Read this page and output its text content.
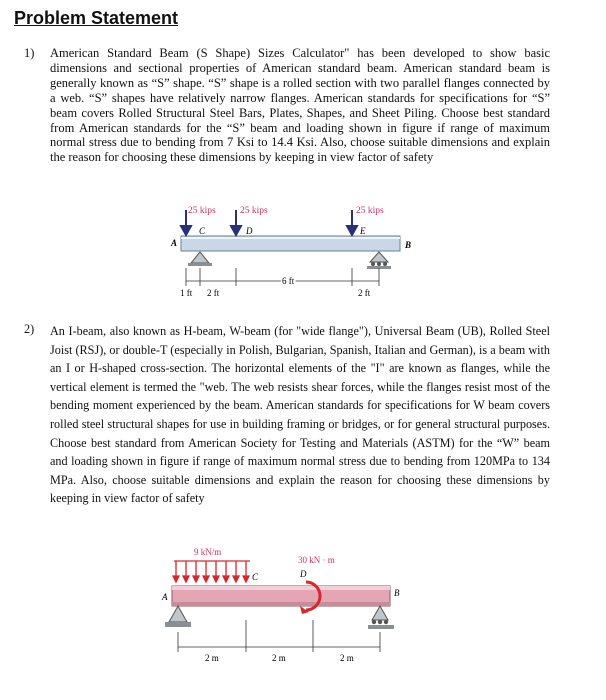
Problem Statement
1) American Standard Beam (S Shape) Sizes Calculator" has been developed to show basic dimensions and sectional properties of American standard beam. American standard beam is generally known as “S” shape. “S” shape is a rolled section with two parallel flanges connected by a web. “S” shapes have relatively narrow flanges. American standards for specifications for “S” beam covers Rolled Structural Steel Bars, Plates, Shapes, and Sheet Piling. Choose best standard from American standards for the “S” beam and loading shown in figure if range of maximum normal stress due to bending from 7 Ksi to 14.4 Ksi. Also, choose suitable dimensions and explain the reason for choosing these dimensions by keeping in view factor of safety

25 kips	25 kips	25 kips
A
C	D	E
B
1 ft 2 ft
6 ft
2 ft
2) An I-beam, also known as H-beam, W-beam (for "wide flange"), Universal Beam (UB), Rolled Steel Joist (RSJ), or double-T (especially in Polish, Bulgarian, Spanish, Italian and German), is a beam with an I or H-shaped cross-section. The horizontal elements of the "I" are known as flanges, while the vertical element is termed the "web. The web resists shear forces, while the flanges resist most of the bending moment experienced by the beam. American standards for specifications for W beam covers rolled steel structural shapes for use in building framing or bridges, or for general structural purposes. Choose best standard from American Society for Testing and Materials (ASTM) for the “W” beam and loading shown in figure if range of maximum normal stress due to bending from 120MPa to 134 MPa. Also, choose suitable dimensions and explain the reason for choosing these dimensions by keeping in view factor of safety

9 kN/m
30 kN · m
A
C	D
B
2 m	2 m	2 m
